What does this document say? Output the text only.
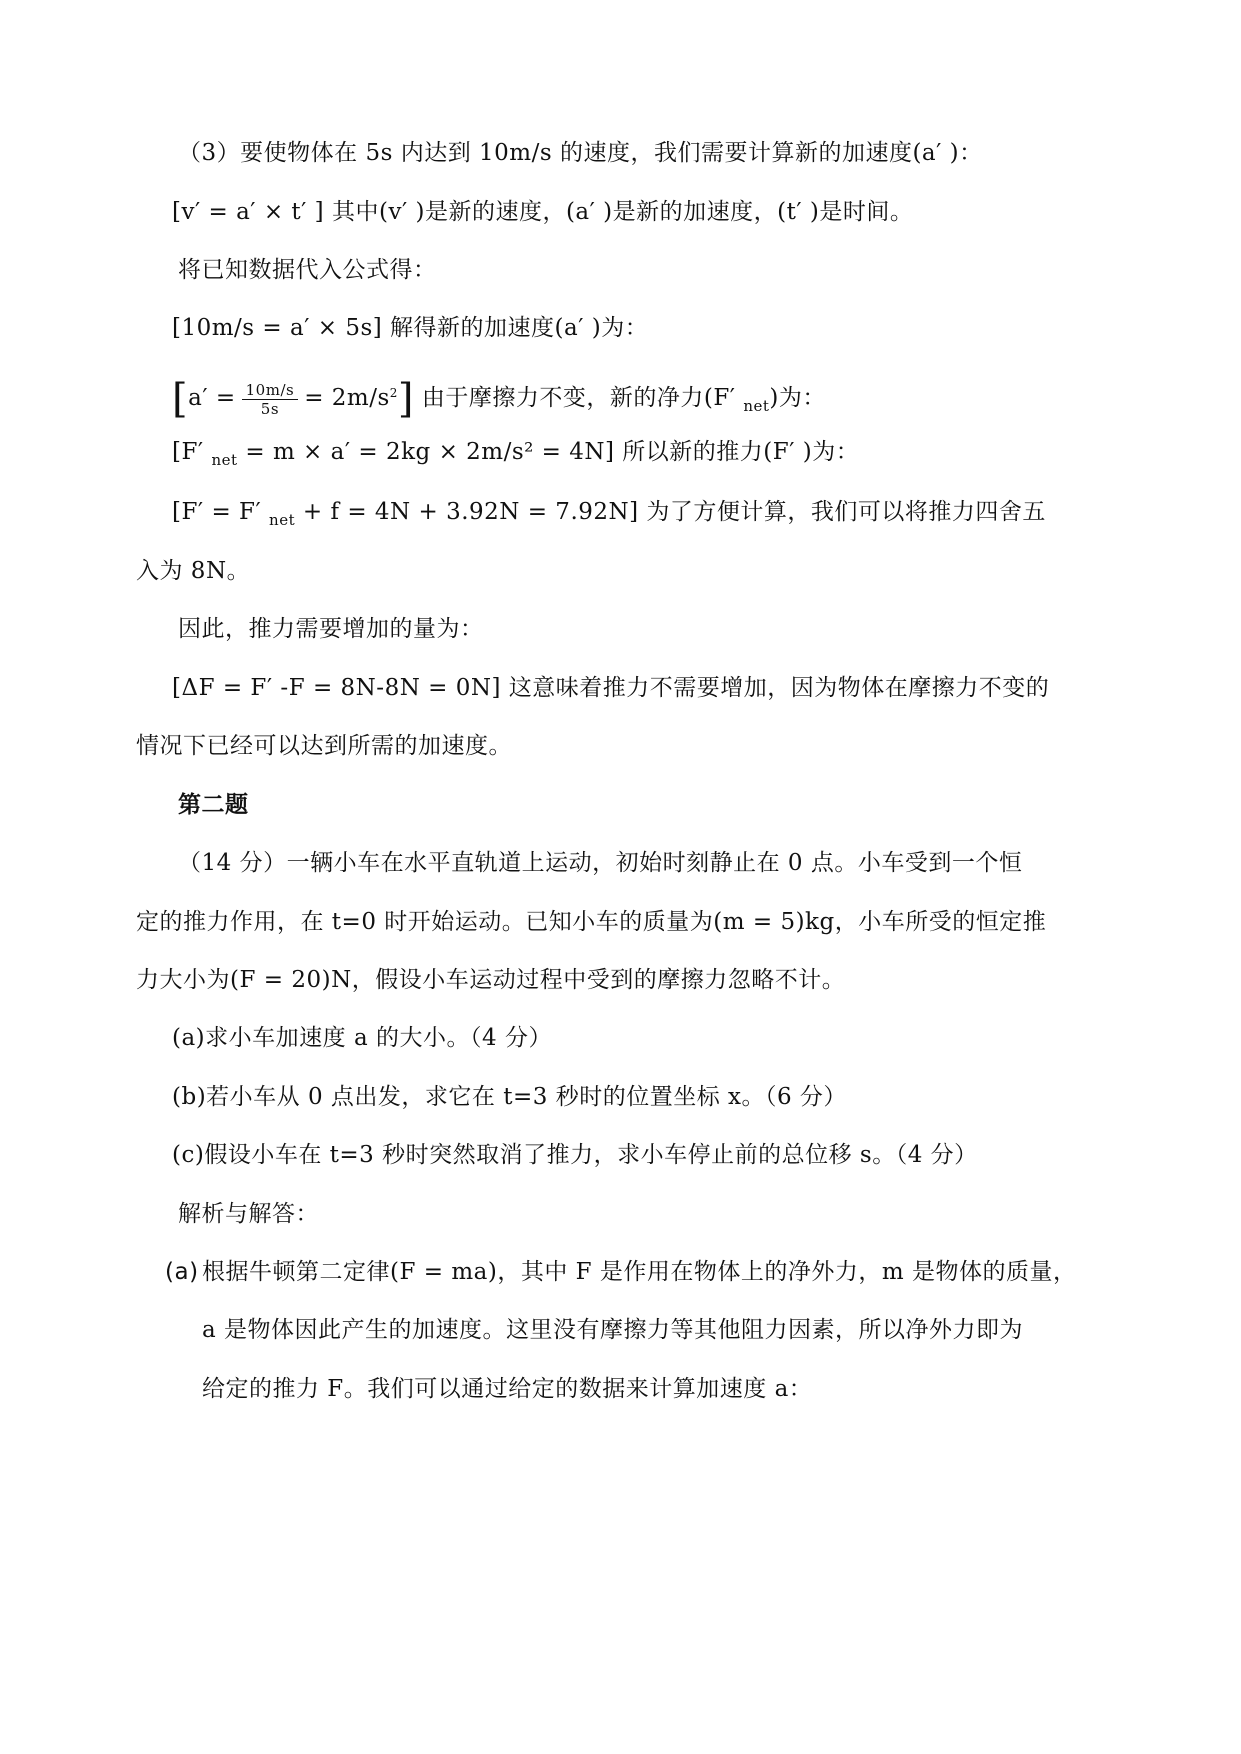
（3）要使物体在 5s 内达到 10m/s 的速度，我们需要计算新的加速度(a′ )：
[v′ = a′ × t′ ] 其中(v′ )是新的速度，(a′ )是新的加速度，(t′ )是时间。
将已知数据代入公式得：
[10m/s = a′ × 5s] 解得新的加速度(a′ )为：
$[a' = \frac{10m/s}{5s} = 2m/s^2]$ 由于摩擦力不变，新的净力(F′ $_{net}$)为：
[F′ $_{net}$ = m × a′ = 2kg × 2m/s² = 4N] 所以新的推力(F′ )为：
[F′ = F′ $_{net}$ + f = 4N + 3.92N = 7.92N] 为了方便计算，我们可以将推力四舍五
入为 8N。
因此，推力需要增加的量为：
[ΔF = F′ -F = 8N-8N = 0N] 这意味着推力不需要增加，因为物体在摩擦力不变的
情况下已经可以达到所需的加速度。
第二题
（14 分）一辆小车在水平直轨道上运动，初始时刻静止在 0 点。小车受到一个恒
定的推力作用，在 t=0 时开始运动。已知小车的质量为(m = 5)kg，小车所受的恒定推
力大小为(F = 20)N，假设小车运动过程中受到的摩擦力忽略不计。
(a)求小车加速度 a 的大小。（4 分）
(b)若小车从 0 点出发，求它在 t=3 秒时的位置坐标 x。（6 分）
(c)假设小车在 t=3 秒时突然取消了推力，求小车停止前的总位移 s。（4 分）
解析与解答：
(a) 根据牛顿第二定律(F = ma)，其中 F 是作用在物体上的净外力，m 是物体的质量，
a 是物体因此产生的加速度。这里没有摩擦力等其他阻力因素，所以净外力即为
给定的推力 F。我们可以通过给定的数据来计算加速度 a：
